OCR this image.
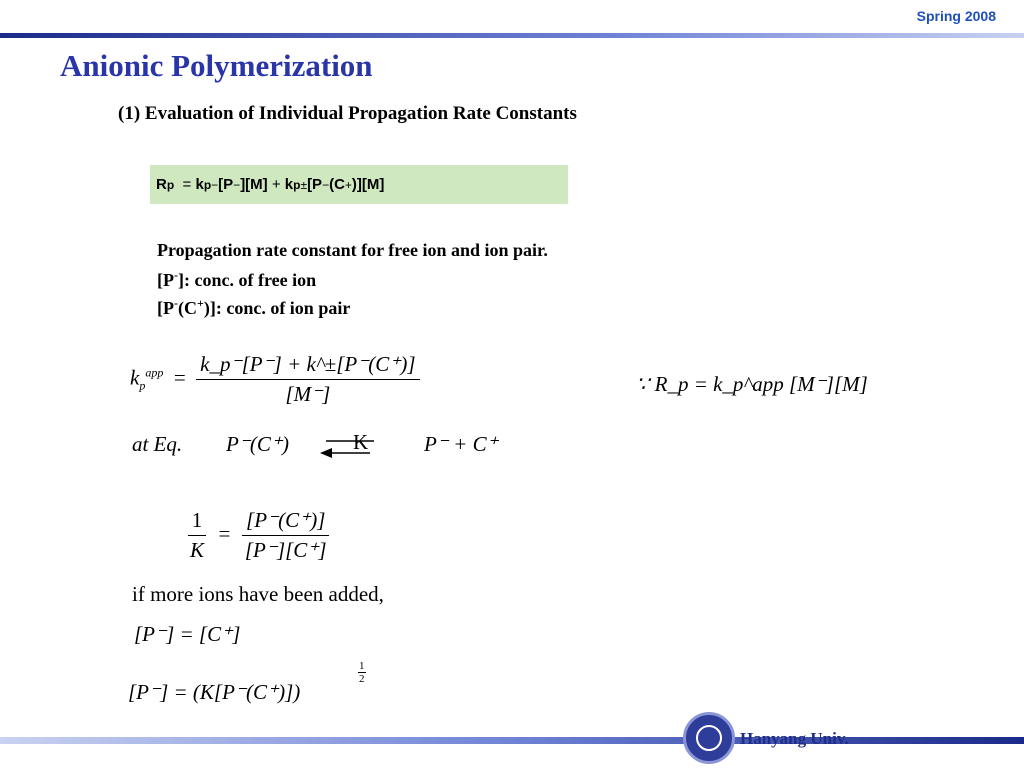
Spring 2008
Anionic Polymerization
(1) Evaluation of Individual Propagation Rate Constants
R p
=
k p − [P − ][M]
+
k p ± [P − (C + )][M]
Propagation rate constant for free ion and ion pair.
[P-]: conc. of free ion
[P-(C+)]: conc. of ion pair
$k_p^{app} = \frac{k\_p^-[P^-] + k\^{}\pm[P^-(C^+)]}{[M^-]}$	∵ R_p = k_p^app [M⁻][M]
at Eq. P⁻(C⁺)	K	P⁻ + C⁺
$\frac{1}{K} = \frac{[P^-(C^+)]}{[P^-][C^+]}$
if more ions have been added,
[P⁻] = [C⁺]
[P⁻] = (K[P⁻(C⁺)])
1
2
Hanyang Univ.
